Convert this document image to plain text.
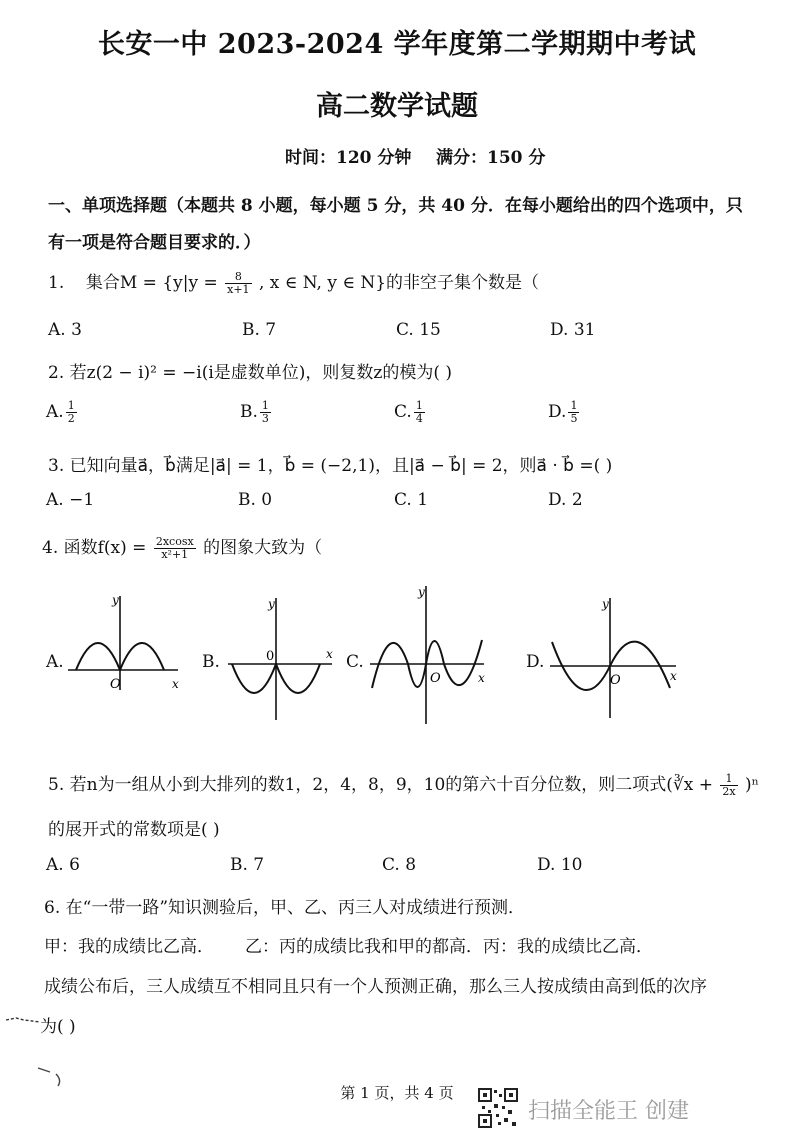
长安一中 2023-2024 学年度第二学期期中考试
高二数学试题
时间：120 分钟 满分：150 分
一、单项选择题（本题共 8 小题，每小题 5 分，共 40 分．在每小题给出的四个选项中，只
有一项是符合题目要求的．）
1. 集合$M = \{y|y = \frac{8}{x+1}$ , x ∈ N, y ∈ N}的非空子集个数是（
A. 3	B. 7	C. 15	D. 31
2. 若z(2 − i)² = −i(i是虚数单位)，则复数z的模为( )
A. $\frac{1}{2}$	B. $\frac{1}{3}$	C. $\frac{1}{4}$	D. $\frac{1}{5}$
3. 已知向量a⃗，b⃗满足|a⃗| = 1，b⃗ = (−2,1)，且|a⃗ − b⃗| = 2，则a⃗ · b⃗ =( )
A. −1	B. 0	C. 1	D. 2
4. 函数$f(x) = \frac{2xcosx}{\text{x²+1}}$ 的图象大致为（
A.
y
x
O
B.
y
x
0	C.
y
x
O
D.
y
x
O
5. 若n为一组从小到大排列的数1，2，4，8，9，10的第六十百分位数，则二项式(∛x + $\frac{1}{2x} )^n$
的展开式的常数项是( )
A. 6	B. 7	C. 8	D. 10
6. 在“一带一路”知识测验后，甲、乙、丙三人对成绩进行预测．
甲：我的成绩比乙高． 乙：丙的成绩比我和甲的都高．丙：我的成绩比乙高．
成绩公布后，三人成绩互不相同且只有一个人预测正确，那么三人按成绩由高到低的次序
为( )
第 1 页，共 4 页
扫描全能王 创建
